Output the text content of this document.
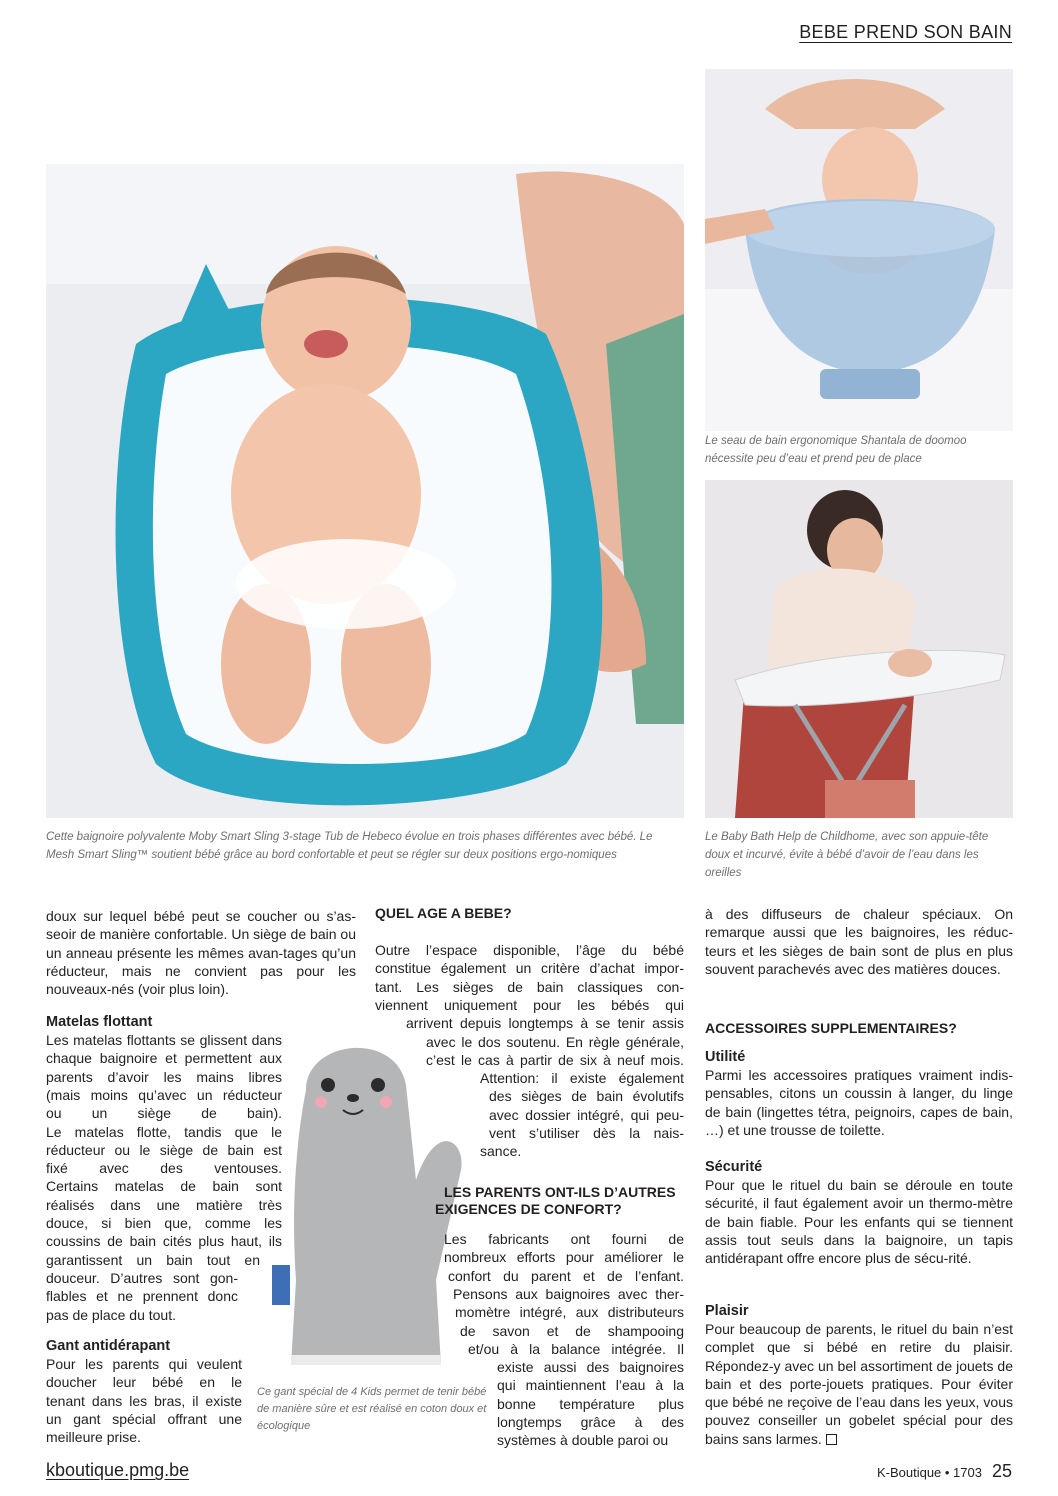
BEBE PREND SON BAIN

Cette baignoire polyvalente Moby Smart Sling 3-stage Tub de Hebeco évolue en trois phases différentes avec bébé. Le Mesh Smart Sling™ soutient bébé grâce au bord confortable et peut se régler sur deux positions ergo-nomiques

Le seau de bain ergonomique Shantala de doomoo nécessite peu d’eau et prend peu de place

Le Baby Bath Help de Childhome, avec son appuie-tête doux et incurvé, évite à bébé d’avoir de l’eau dans les oreilles

Ce gant spécial de 4 Kids permet de tenir bébé de manière sûre et est réalisé en coton doux et écologique

doux sur lequel bébé peut se coucher ou s’as-seoir de manière confortable. Un siège de bain ou un anneau présente les mêmes avan-tages qu’un réducteur, mais ne convient pas pour les nouveaux-nés (voir plus loin).

Matelas flottant

Les matelas flottants se glissent dans
chaque baignoire et permettent aux
parents d’avoir les mains libres
(mais moins qu’avec un réducteur
ou un siège de bain).
Le matelas flotte, tandis que le
réducteur ou le siège de bain est
fixé avec des ventouses.
Certains matelas de bain sont
réalisés dans une matière très
douce, si bien que, comme les
coussins de bain cités plus haut, ils
garantissent un bain tout en
douceur. D’autres sont gon-
flables et ne prennent donc
pas de place du tout.

Gant antidérapant

Pour les parents qui veulent
doucher leur bébé en le
tenant dans les bras, il existe
un gant spécial offrant une
meilleure prise.

QUEL AGE A BEBE?

Outre l’espace disponible, l’âge du bébé
constitue également un critère d’achat impor-
tant. Les sièges de bain classiques con-
viennent uniquement pour les bébés qui
arrivent depuis longtemps à se tenir assis
avec le dos soutenu. En règle générale,
c’est le cas à partir de six à neuf mois.
Attention: il existe également
des sièges de bain évolutifs
avec dossier intégré, qui peu-
vent s’utiliser dès la nais-
sance.

LES PARENTS ONT-ILS D’AUTRES

EXIGENCES DE CONFORT?

Les fabricants ont fourni de
nombreux efforts pour améliorer le
confort du parent et de l’enfant.
Pensons aux baignoires avec ther-
momètre intégré, aux distributeurs
de savon et de shampooing
et/ou à la balance intégrée. Il
existe aussi des baignoires
qui maintiennent l’eau à la
bonne température plus
longtemps grâce à des
systèmes à double paroi ou

à des diffuseurs de chaleur spéciaux. On remarque aussi que les baignoires, les réduc-teurs et les sièges de bain sont de plus en plus souvent parachevés avec des matières douces.

ACCESSOIRES SUPPLEMENTAIRES?

Utilité

Parmi les accessoires pratiques vraiment indis-pensables, citons un coussin à langer, du linge de bain (lingettes tétra, peignoirs, capes de bain, …) et une trousse de toilette.

Sécurité

Pour que le rituel du bain se déroule en toute sécurité, il faut également avoir un thermo-mètre de bain fiable. Pour les enfants qui se tiennent assis tout seuls dans la baignoire, un tapis antidérapant offre encore plus de sécu-rité.

Plaisir

Pour beaucoup de parents, le rituel du bain n’est complet que si bébé en retire du plaisir. Répondez-y avec un bel assortiment de jouets de bain et des porte-jouets pratiques. Pour éviter que bébé ne reçoive de l’eau dans les yeux, vous pouvez conseiller un gobelet spécial pour des bains sans larmes.

kboutique.pmg.be	K-Boutique • 1703 25
